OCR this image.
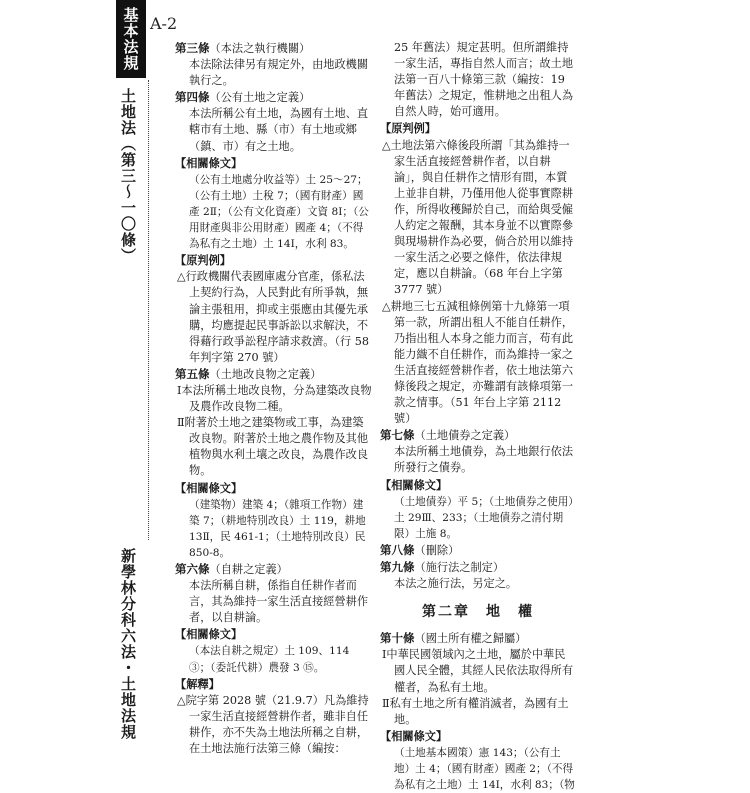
基本法規 A-2
土地法（第三〜一〇條）
新學林分科六法・土地法規

第三條（本法之執行機關）

本法除法律另有規定外，由地政機關執行之。

第四條（公有土地之定義）

本法所稱公有土地，為國有土地、直轄市有土地、縣（市）有土地或鄉（鎮、市）有之土地。

【相關條文】

（公有土地處分收益等）土 25〜27；（公有土地）土稅 7；（國有財產）國產 2Ⅱ；（公有文化資產）文資 8Ⅰ；（公用財產與非公用財產）國產 4；（不得為私有之土地）土 14Ⅰ，水利 83。

【原判例】

△行政機關代表國庫處分官產，係私法上契約行為，人民對此有所爭執，無論主張租用，抑或主張應由其優先承購，均應提起民事訴訟以求解決，不得藉行政爭訟程序請求救濟。（行 58 年判字第 270 號）

第五條（土地改良物之定義）

Ⅰ本法所稱土地改良物，分為建築改良物及農作改良物二種。

Ⅱ附著於土地之建築物或工事，為建築改良物。附著於土地之農作物及其他植物與水利土壤之改良，為農作改良物。

【相關條文】

（建築物）建築 4；（雜項工作物）建築 7；（耕地特別改良）土 119，耕地 13Ⅱ，民 461-1；（土地特別改良）民 850-8。

第六條（自耕之定義）

本法所稱自耕，係指自任耕作者而言，其為維持一家生活直接經營耕作者，以自耕論。

【相關條文】

（本法自耕之規定）土 109、114 ③；（委託代耕）農發 3 ⑮。

【解釋】

△院字第 2028 號（21.9.7）凡為維持一家生活直接經營耕作者，雖非自任耕作，亦不失為土地法所稱之自耕，在土地法施行法第三條（編按：

25 年舊法）規定甚明。但所謂維持一家生活，專指自然人而言；故土地法第一百八十條第三款（編按：19 年舊法）之規定，惟耕地之出租人為自然人時，始可適用。

【原判例】

△土地法第六條後段所謂「其為維持一家生活直接經營耕作者，以自耕論」，與自任耕作之情形有間，本質上並非自耕，乃僅用他人從事實際耕作，所得收穫歸於自己，而給與受僱人約定之報酬，其本身並不以實際參與現場耕作為必要，倘合於用以維持一家生活之必要之條件，依法律規定，應以自耕論。（68 年台上字第 3777 號）

△耕地三七五減租條例第十九條第一項第一款，所謂出租人不能自任耕作，乃指出租人本身之能力而言，苟有此能力織不自任耕作，而為維持一家之生活直接經營耕作者，依土地法第六條後段之規定，亦難謂有該條項第一款之情事。（51 年台上字第 2112 號）

第七條（土地債券之定義）

本法所稱土地債券，為土地銀行依法所發行之債券。

【相關條文】

（土地債券）平 5；（土地債券之使用）土 29Ⅲ、233；（土地債券之清付期限）土施 8。

第八條（刪除）

第九條（施行法之制定）

本法之施行法，另定之。

第二章　地　權

第十條（國土所有權之歸屬）

Ⅰ中華民國領域內之土地，屬於中華民國人民全體，其經人民依法取得所有權者，為私有土地。

Ⅱ私有土地之所有權消滅者，為國有土地。

【相關條文】

（土地基本國策）憲 143；（公有土地）土 4；（國有財產）國產 2；（不得為私有之土地）土 14Ⅰ，水利 83；（物
